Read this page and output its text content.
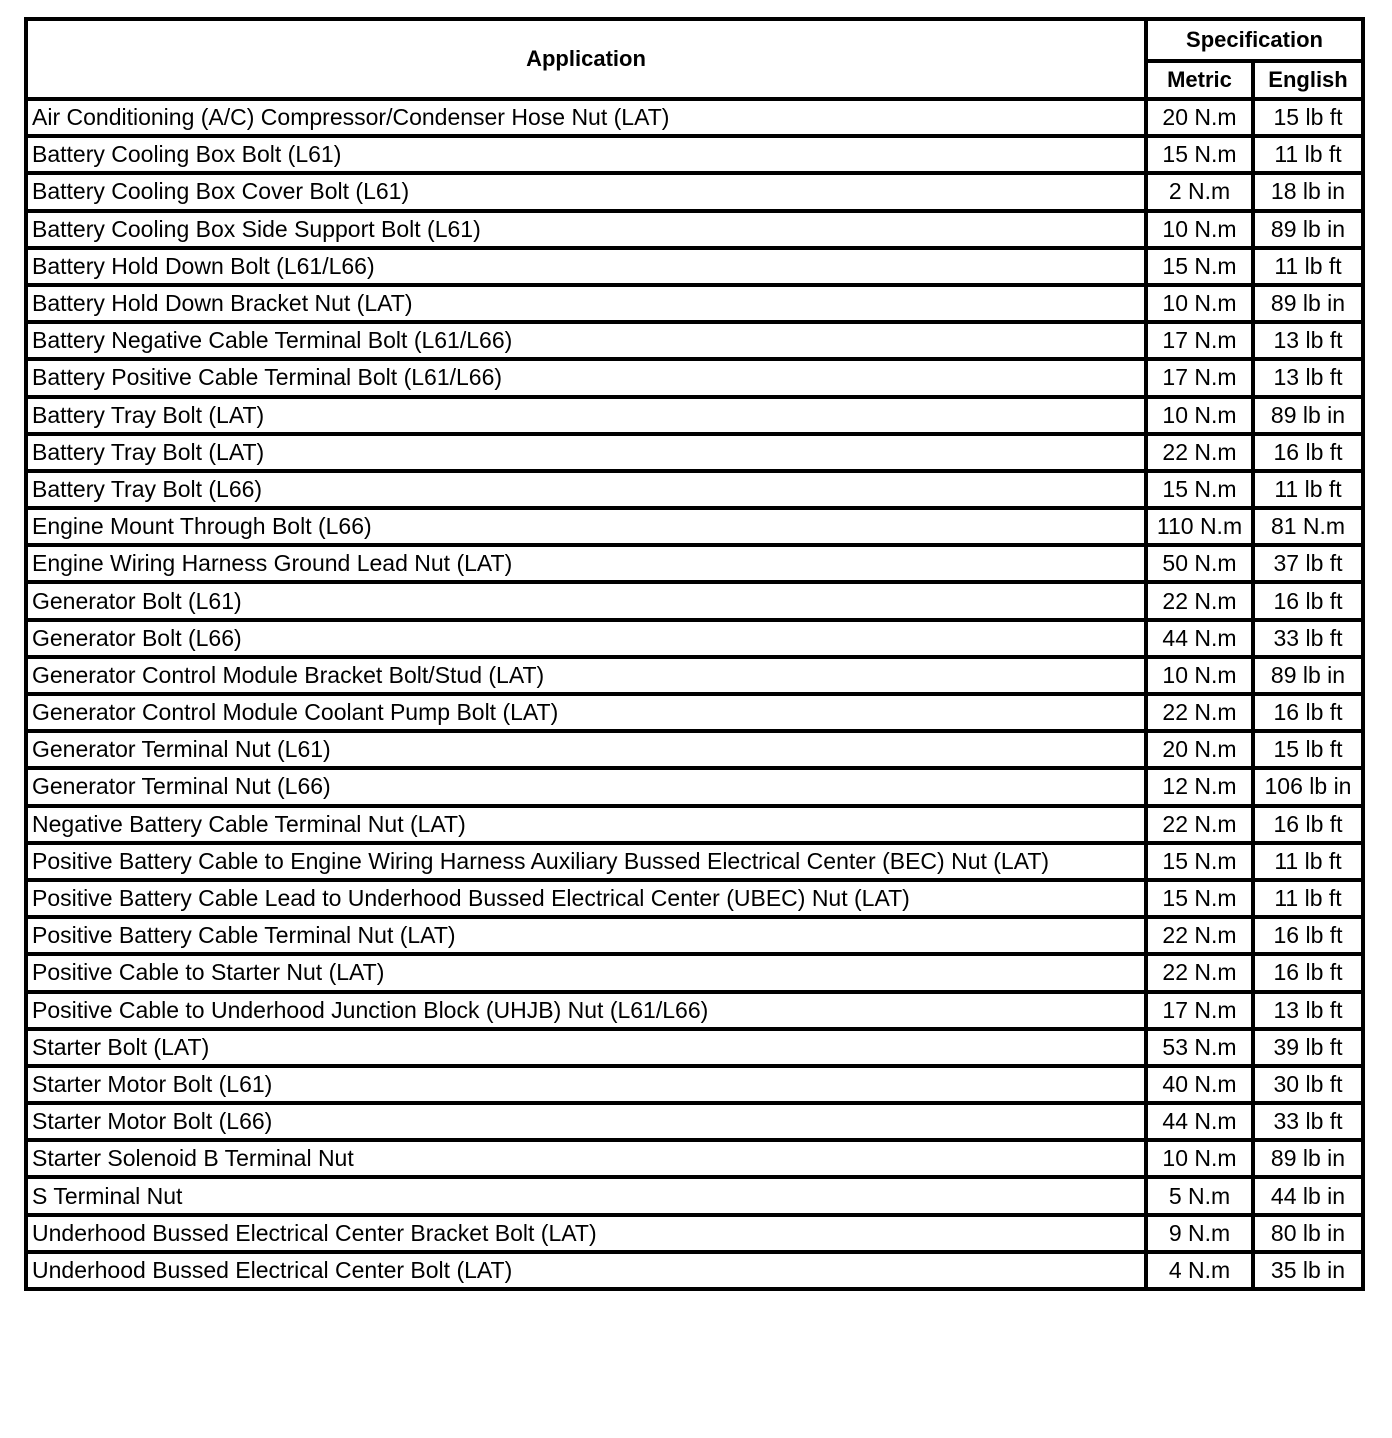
Application	Specification	
	Metric	English
Air Conditioning (A/C) Compressor/Condenser Hose Nut (LAT)	20 N.m	15 lb ft
Battery Cooling Box Bolt (L61)	15 N.m	11 lb ft
Battery Cooling Box Cover Bolt (L61)	2 N.m	18 lb in
Battery Cooling Box Side Support Bolt (L61)	10 N.m	89 lb in
Battery Hold Down Bolt (L61/L66)	15 N.m	11 lb ft
Battery Hold Down Bracket Nut (LAT)	10 N.m	89 lb in
Battery Negative Cable Terminal Bolt (L61/L66)	17 N.m	13 lb ft
Battery Positive Cable Terminal Bolt (L61/L66)	17 N.m	13 lb ft
Battery Tray Bolt (LAT)	10 N.m	89 lb in
Battery Tray Bolt (LAT)	22 N.m	16 lb ft
Battery Tray Bolt (L66)	15 N.m	11 lb ft
Engine Mount Through Bolt (L66)	110 N.m	81 N.m
Engine Wiring Harness Ground Lead Nut (LAT)	50 N.m	37 lb ft
Generator Bolt (L61)	22 N.m	16 lb ft
Generator Bolt (L66)	44 N.m	33 lb ft
Generator Control Module Bracket Bolt/Stud (LAT)	10 N.m	89 lb in
Generator Control Module Coolant Pump Bolt (LAT)	22 N.m	16 lb ft
Generator Terminal Nut (L61)	20 N.m	15 lb ft
Generator Terminal Nut (L66)	12 N.m	106 lb in
Negative Battery Cable Terminal Nut (LAT)	22 N.m	16 lb ft
Positive Battery Cable to Engine Wiring Harness Auxiliary Bussed Electrical Center (BEC) Nut (LAT)	15 N.m	11 lb ft
Positive Battery Cable Lead to Underhood Bussed Electrical Center (UBEC) Nut (LAT)	15 N.m	11 lb ft
Positive Battery Cable Terminal Nut (LAT)	22 N.m	16 lb ft
Positive Cable to Starter Nut (LAT)	22 N.m	16 lb ft
Positive Cable to Underhood Junction Block (UHJB) Nut (L61/L66)	17 N.m	13 lb ft
Starter Bolt (LAT)	53 N.m	39 lb ft
Starter Motor Bolt (L61)	40 N.m	30 lb ft
Starter Motor Bolt (L66)	44 N.m	33 lb ft
Starter Solenoid B Terminal Nut	10 N.m	89 lb in
S Terminal Nut	5 N.m	44 lb in
Underhood Bussed Electrical Center Bracket Bolt (LAT)	9 N.m	80 lb in
Underhood Bussed Electrical Center Bolt (LAT)	4 N.m	35 lb in
